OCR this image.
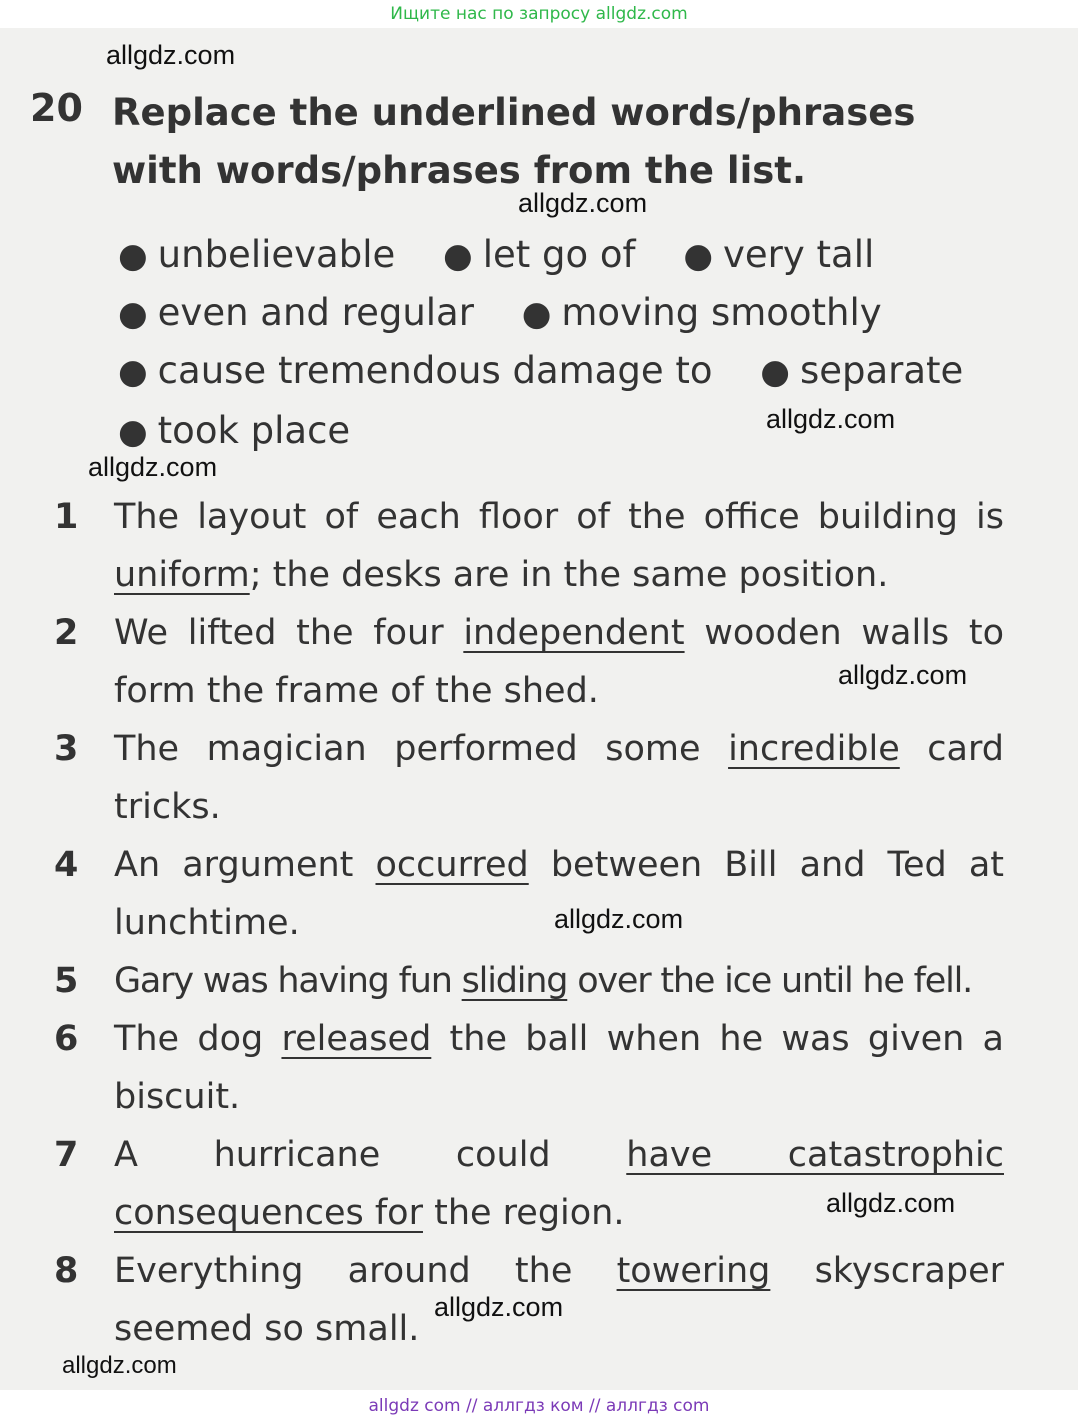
Ищите нас по запросу allgdz.com
allgdz.com
allgdz.com
allgdz.com
allgdz.com
allgdz.com
allgdz.com
allgdz.com
allgdz.com
allgdz.com
20 Replace the underlined words/phrases with words/phrases from the list.
● unbelievable ● let go of ● very tall
● even and regular ● moving smoothly
● cause tremendous damage to ● separate
● took place
1 The layout of each floor of the office building is uniform; the desks are in the same position.
2 We lifted the four independent wooden walls to form the frame of the shed.
3 The magician performed some incredible card tricks.
4 An argument occurred between Bill and Ted at lunchtime.
5 Gary was having fun sliding over the ice until he fell.
6 The dog released the ball when he was given a biscuit.
7 A hurricane could have catastrophic consequences for the region.
8 Everything around the towering skyscraper seemed so small.
allgdz com // аллгдз ком // аллгдз com
